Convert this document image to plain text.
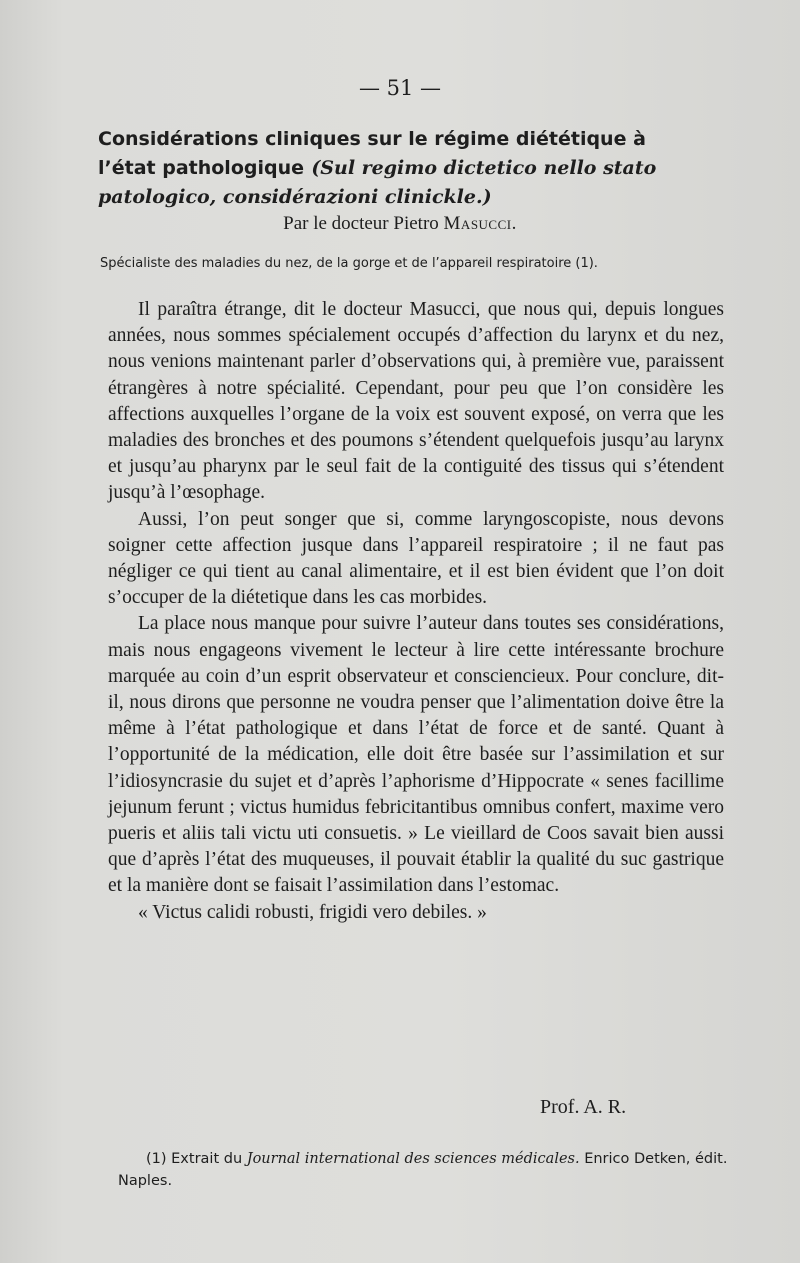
— 51 —
Considérations cliniques sur le régime diététique à l’état pathologique (Sul regimo dictetico nello stato patologico, considérazioni clinickle.)
Par le docteur Pietro Masucci.
Spécialiste des maladies du nez, de la gorge et de l’appareil respiratoire (1).

Il paraîtra étrange, dit le docteur Masucci, que nous qui, depuis longues années, nous sommes spécialement occupés d’affection du larynx et du nez, nous venions maintenant parler d’observations qui, à première vue, paraissent étrangères à notre spécialité. Cependant, pour peu que l’on considère les affections auxquelles l’organe de la voix est souvent exposé, on verra que les maladies des bronches et des poumons s’étendent quelquefois jusqu’au larynx et jusqu’au pharynx par le seul fait de la contiguité des tissus qui s’étendent jusqu’à l’œsophage.

Aussi, l’on peut songer que si, comme laryngoscopiste, nous devons soigner cette affection jusque dans l’appareil respiratoire ; il ne faut pas négliger ce qui tient au canal alimentaire, et il est bien évident que l’on doit s’occuper de la diétetique dans les cas morbides.

La place nous manque pour suivre l’auteur dans toutes ses considérations, mais nous engageons vivement le lecteur à lire cette intéressante brochure marquée au coin d’un esprit observateur et consciencieux. Pour conclure, dit-il, nous dirons que personne ne voudra penser que l’alimentation doive être la même à l’état pathologique et dans l’état de force et de santé. Quant à l’opportunité de la médication, elle doit être basée sur l’assimilation et sur l’idiosyncrasie du sujet et d’après l’aphorisme d’Hippocrate « senes facillime jejunum ferunt ; victus humidus febricitantibus omnibus confert, maxime vero pueris et aliis tali victu uti consuetis. » Le vieillard de Coos savait bien aussi que d’après l’état des muqueuses, il pouvait établir la qualité du suc gastrique et la manière dont se faisait l’assimilation dans l’estomac.

« Victus calidi robusti, frigidi vero debiles. »

Prof. A. R.
(1) Extrait du Journal international des sciences médicales. Enrico Detken, édit. Naples.
